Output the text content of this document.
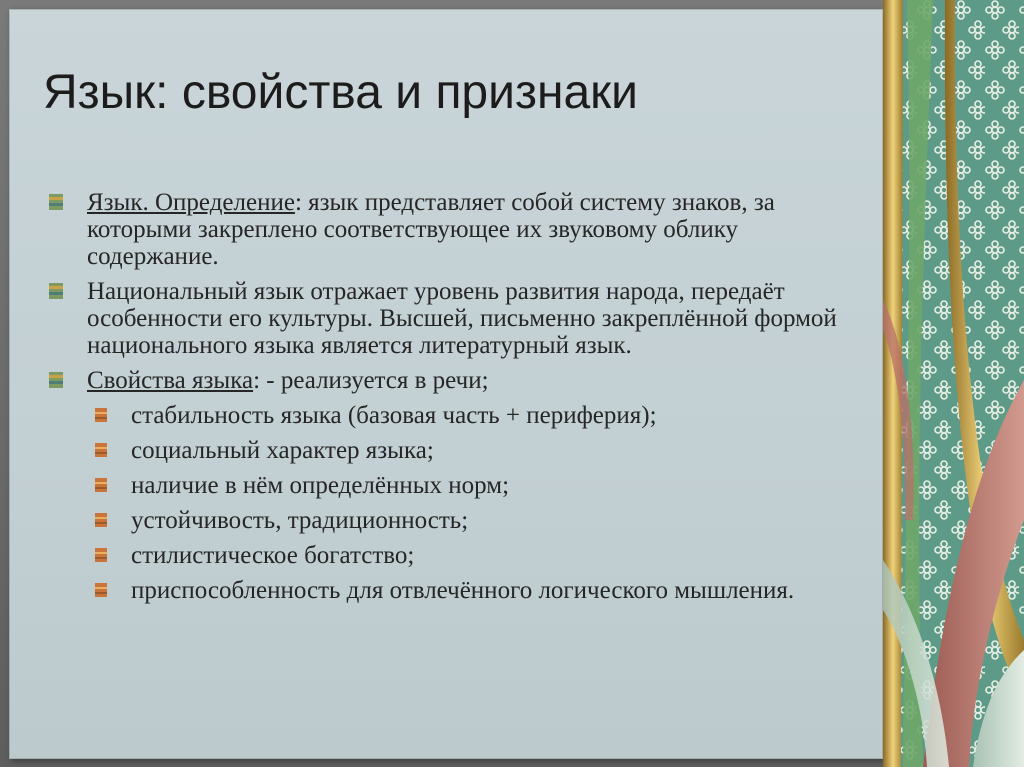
Язык: свойства и признаки
Язык. Определение: язык представляет собой систему знаков, за которыми закреплено соответствующее их звуковому облику содержание.
Национальный язык отражает уровень развития народа, передаёт особенности его культуры. Высшей, письменно закреплённой формой национального языка является литературный язык.
Свойства языка: - реализуется в речи;
стабильность языка (базовая часть + периферия);
социальный характер языка;
наличие в нём определённых норм;
устойчивость, традиционность;
стилистическое богатство;
приспособленность для отвлечённого логического мышления.
